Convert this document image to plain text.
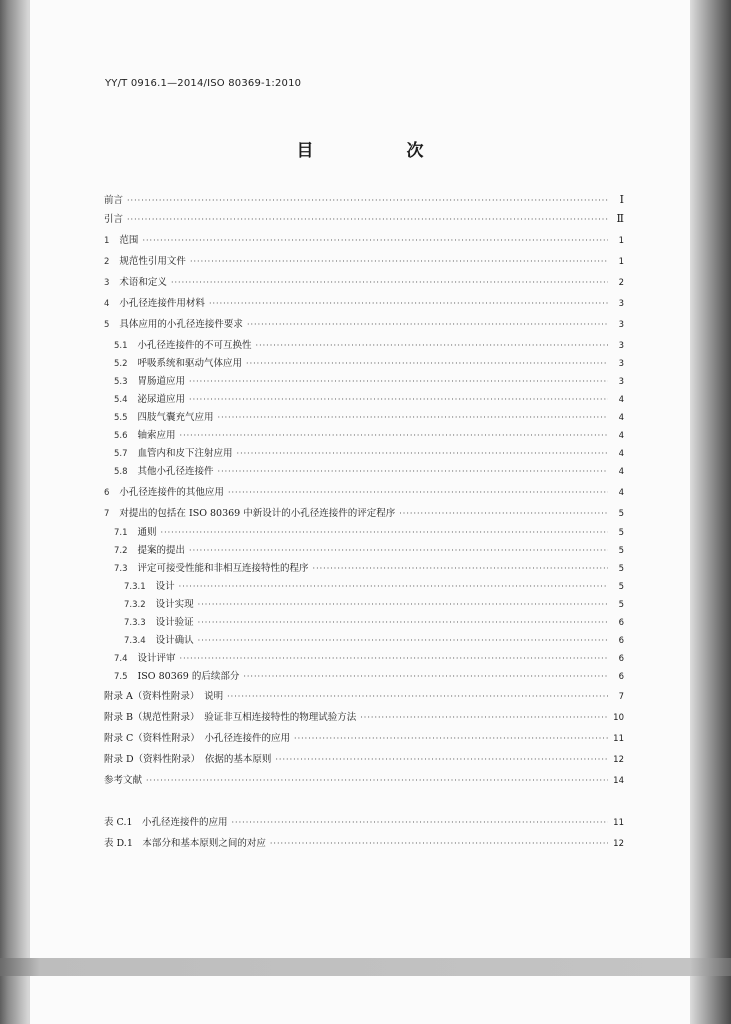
YY/T 0916.1—2014/ISO 80369-1:2010
目　次
前言 ·····	Ⅰ
引言 ·····	Ⅱ
1 范围 ·····	1
2 规范性引用文件 ·····	1
3 术语和定义 ·····	2
4 小孔径连接件用材料 ·····	3
5 具体应用的小孔径连接件要求 ·····	3
5.1 小孔径连接件的不可互换性 ·····	3
5.2 呼吸系统和驱动气体应用 ·····	3
5.3 胃肠道应用 ·····	3
5.4 泌尿道应用 ·····	4
5.5 四肢气囊充气应用 ·····	4
5.6 轴索应用 ·····	4
5.7 血管内和皮下注射应用 ·····	4
5.8 其他小孔径连接件 ·····	4
6 小孔径连接件的其他应用 ·····	4
7 对提出的包括在 ISO 80369 中新设计的小孔径连接件的评定程序 ·····	5
7.1 通则 ·····	5
7.2 提案的提出 ·····	5
7.3 评定可接受性能和非相互连接特性的程序 ·····	5
7.3.1 设计 ·····	5
7.3.2 设计实现 ·····	5
7.3.3 设计验证 ·····	6
7.3.4 设计确认 ·····	6
7.4 设计评审 ·····	6
7.5 ISO 80369 的后续部分 ·····	6
附录 A（资料性附录）　说明 ·····	7
附录 B（规范性附录）　验证非互相连接特性的物理试验方法 ·····	10
附录 C（资料性附录）　小孔径连接件的应用 ·····	11
附录 D（资料性附录）　依据的基本原则 ·····	12
参考文献 ·····	14
表 C.1　小孔径连接件的应用 ·····	11
表 D.1　本部分和基本原则之间的对应 ·····	12
